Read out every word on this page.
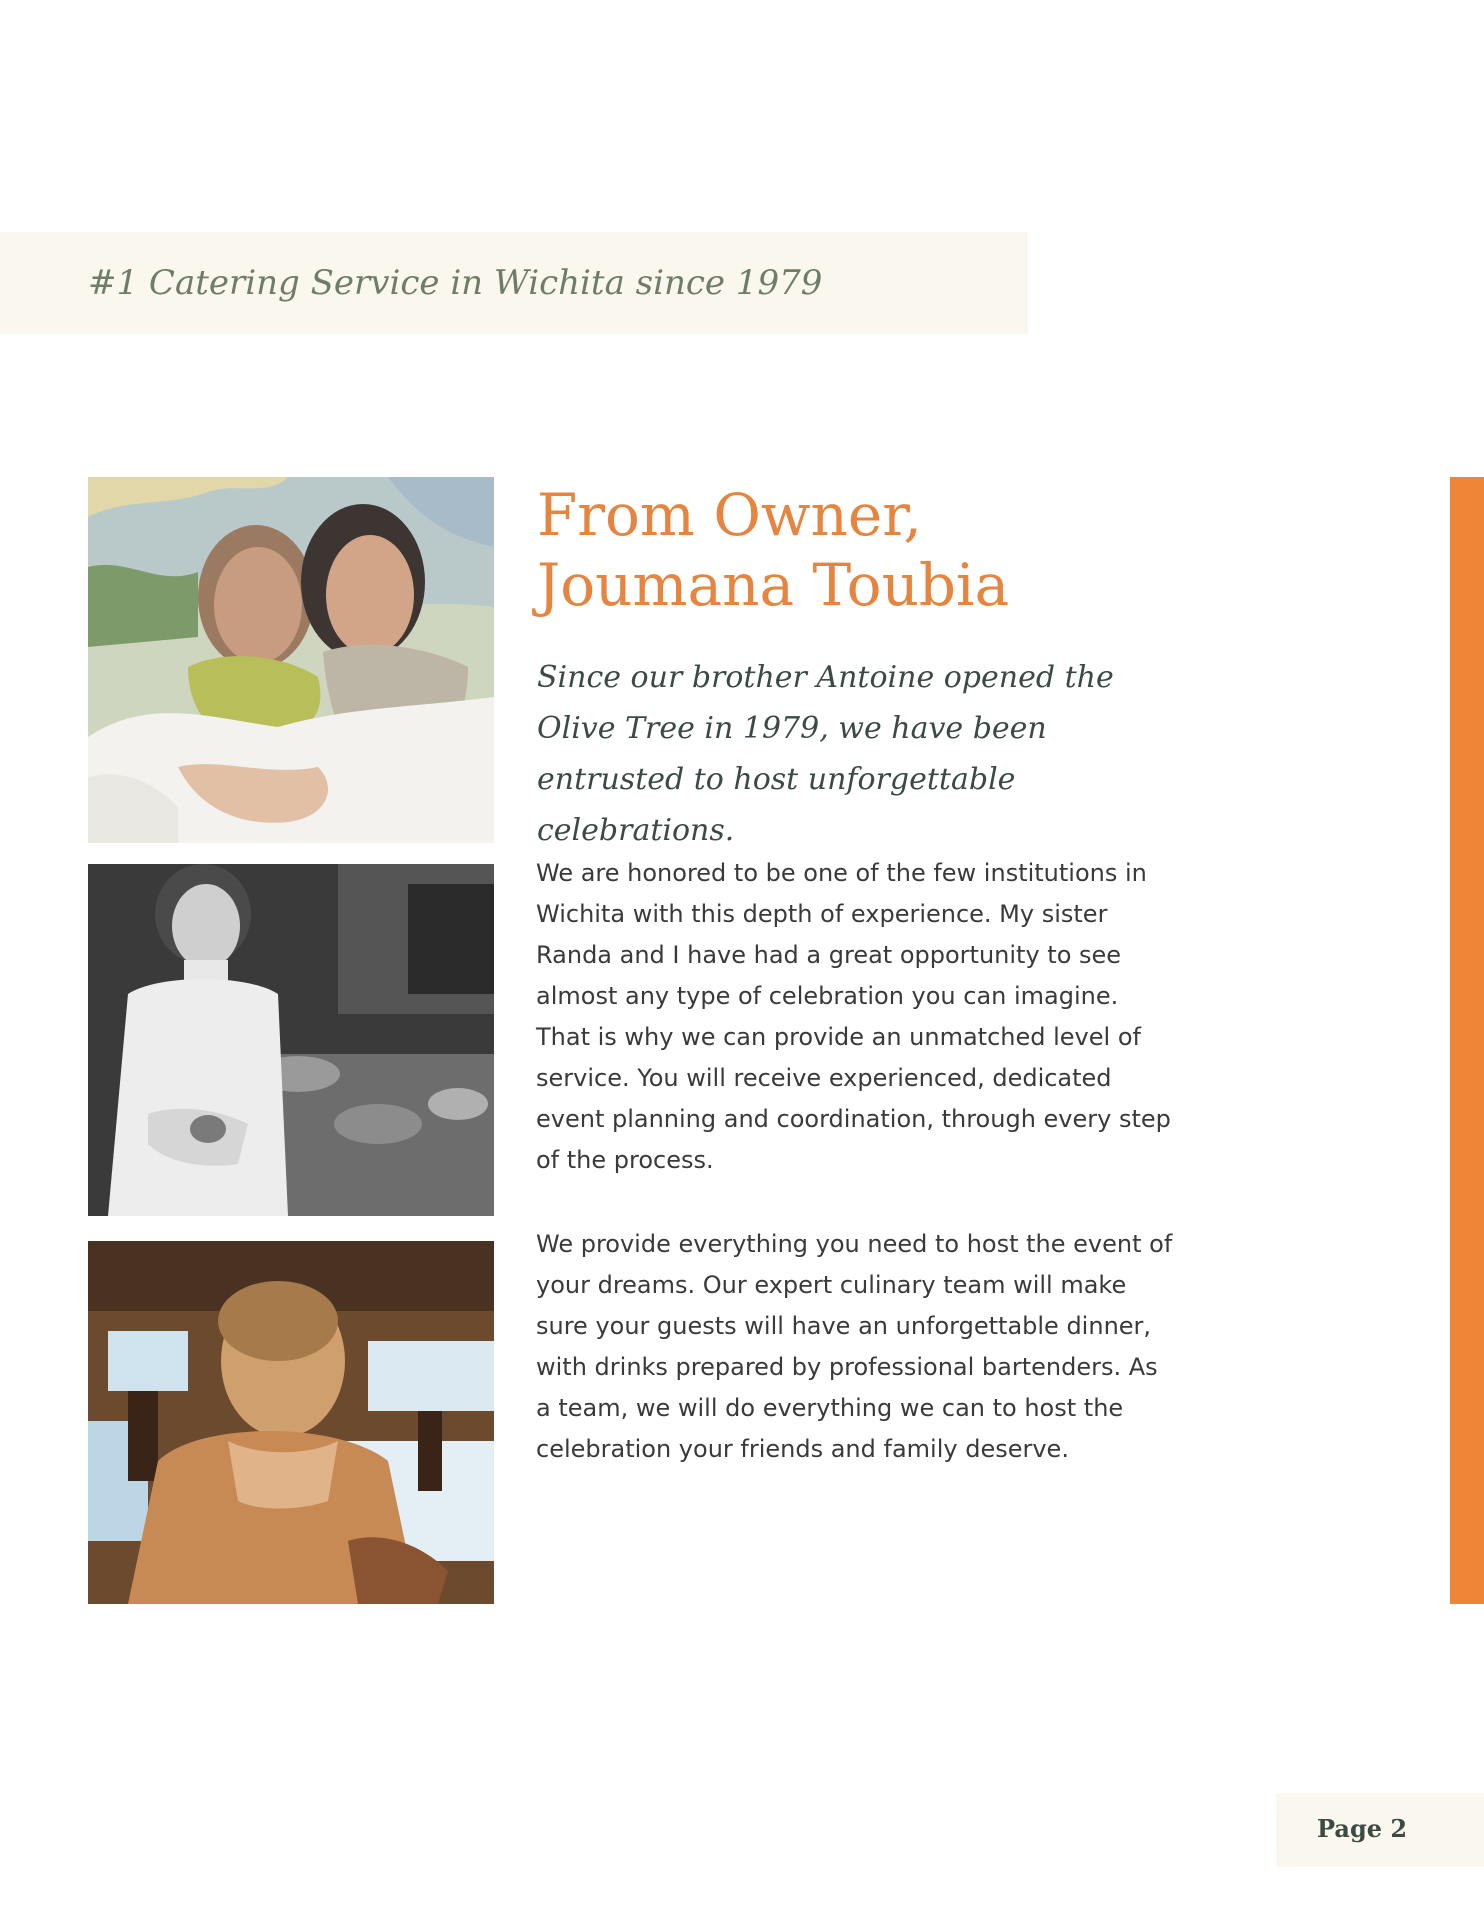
#1 Catering Service in Wichita since 1979
From Owner,
Joumana Toubia

Since our brother Antoine opened the Olive Tree in 1979, we have been entrusted to host unforgettable celebrations.

We are honored to be one of the few institutions in Wichita with this depth of experience. My sister Randa and I have had a great opportunity to see almost any type of celebration you can imagine. That is why we can provide an unmatched level of service. You will receive experienced, dedicated event planning and coordination, through every step of the process.

We provide everything you need to host the event of your dreams. Our expert culinary team will make sure your guests will have an unforgettable dinner, with drinks prepared by professional bartenders. As a team, we will do everything we can to host the celebration your friends and family deserve.

Page 2
